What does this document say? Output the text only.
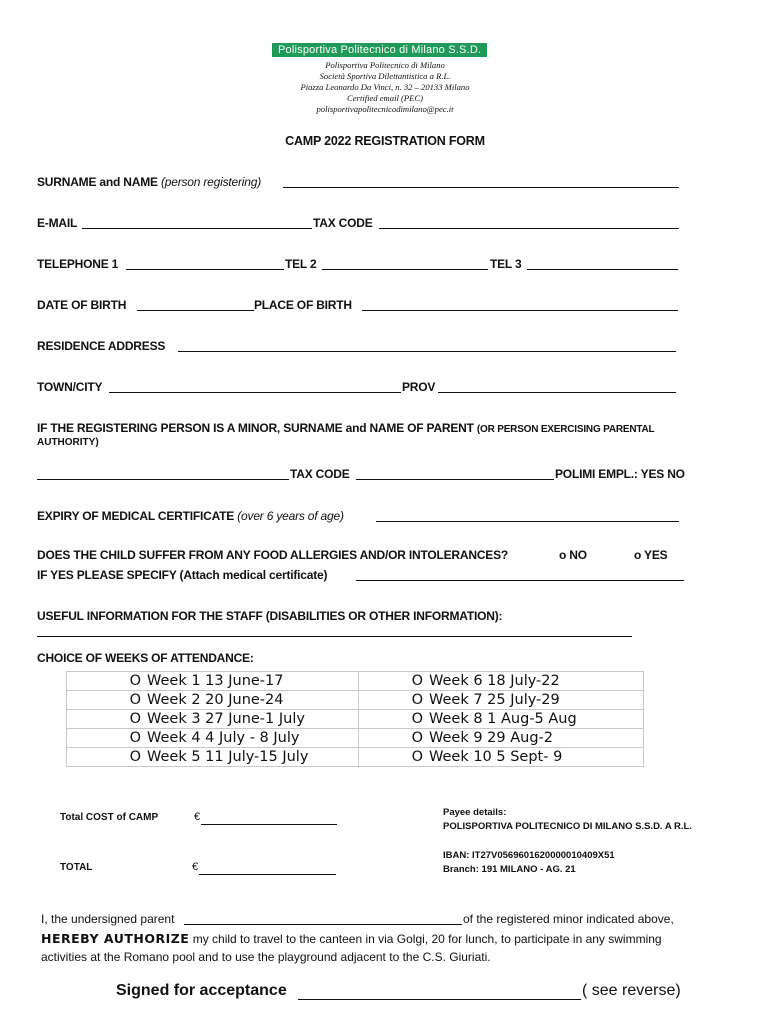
Polisportiva Politecnico di Milano S.S.D.
Polisportiva Politecnico di Milano
Società Sportiva Dilettantistica a R.L.
Piazza Leonardo Da Vinci, n. 32 – 20133 Milano
Certified email (PEC)
polisportivapolitecnicodimilano@pec.it
CAMP 2022 REGISTRATION FORM
SURNAME and NAME (person registering)
E-MAIL	TAX CODE
TELEPHONE 1	TEL 2	TEL 3
DATE OF BIRTH	PLACE OF BIRTH
RESIDENCE ADDRESS
TOWN/CITY	PROV
IF THE REGISTERING PERSON IS A MINOR, SURNAME and NAME OF PARENT (OR PERSON EXERCISING PARENTAL
AUTHORITY)
TAX CODE	POLIMI EMPL.: YES NO
EXPIRY OF MEDICAL CERTIFICATE (over 6 years of age)
DOES THE CHILD SUFFER FROM ANY FOOD ALLERGIES AND/OR INTOLERANCES?	o NO	o YES
IF YES PLEASE SPECIFY (Attach medical certificate)
USEFUL INFORMATION FOR THE STAFF (DISABILITIES OR OTHER INFORMATION):
CHOICE OF WEEKS OF ATTENDANCE:
O Week 1 13 June-17	O Week 6 18 July-22
O Week 2 20 June-24	O Week 7 25 July-29
O Week 3 27 June-1 July	O Week 8 1 Aug-5 Aug
O Week 4 4 July - 8 July	O Week 9 29 Aug-2
O Week 5 11 July-15 July	O Week 10 5 Sept- 9
Total COST of CAMP	€
TOTAL	€
Payee details:
POLISPORTIVA POLITECNICO DI MILANO S.S.D. A R.L.
IBAN: IT27V0569601620000010409X51
Branch: 191 MILANO - AG. 21
I, the undersigned parent	of the registered minor indicated above,
HEREBY AUTHORIZE my child to travel to the canteen in via Golgi, 20 for lunch, to participate in any swimming
activities at the Romano pool and to use the playground adjacent to the C.S. Giuriati.
Signed for acceptance	( see reverse)
